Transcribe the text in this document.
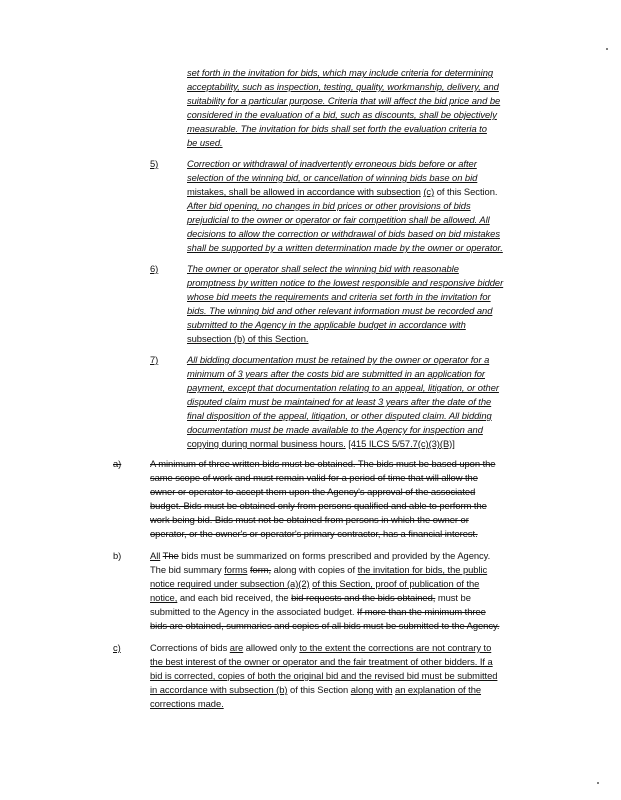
set forth in the invitation for bids, which may include criteria for determining
acceptability, such as inspection, testing, quality, workmanship, delivery, and
suitability for a particular purpose. Criteria that will affect the bid price and be
considered in the evaluation of a bid, such as discounts, shall be objectively
measurable. The invitation for bids shall set forth the evaluation criteria to
be used.
5)	Correction or withdrawal of inadvertently erroneous bids before or after
selection of the winning bid, or cancellation of winning bids base on bid
mistakes, shall be allowed in accordance with subsection (c) of this Section.
After bid opening, no changes in bid prices or other provisions of bids
prejudicial to the owner or operator or fair competition shall be allowed. All
decisions to allow the correction or withdrawal of bids based on bid mistakes
shall be supported by a written determination made by the owner or operator.
6)	The owner or operator shall select the winning bid with reasonable
promptness by written notice to the lowest responsible and responsive bidder
whose bid meets the requirements and criteria set forth in the invitation for
bids. The winning bid and other relevant information must be recorded and
submitted to the Agency in the applicable budget in accordance with
subsection (b) of this Section.
7)	All bidding documentation must be retained by the owner or operator for a
minimum of 3 years after the costs bid are submitted in an application for
payment, except that documentation relating to an appeal, litigation, or other
disputed claim must be maintained for at least 3 years after the date of the
final disposition of the appeal, litigation, or other disputed claim. All bidding
documentation must be made available to the Agency for inspection and
copying during normal business hours. [415 ILCS 5/57.7(c)(3)(B)]
a)	A minimum of three written bids must be obtained. The bids must be based upon the
same scope of work and must remain valid for a period of time that will allow the
owner or operator to accept them upon the Agency's approval of the associated
budget. Bids must be obtained only from persons qualified and able to perform the
work being bid. Bids must not be obtained from persons in which the owner or
operator, or the owner's or operator's primary contractor, has a financial interest.
b)	All The bids must be summarized on forms prescribed and provided by the Agency.
The bid summary forms form, along with copies of the invitation for bids, the public
notice required under subsection (a)(2) of this Section, proof of publication of the
notice, and each bid received, the bid requests and the bids obtained, must be
submitted to the Agency in the associated budget. If more than the minimum three
bids are obtained, summaries and copies of all bids must be submitted to the Agency.
c)	Corrections of bids are allowed only to the extent the corrections are not contrary to
the best interest of the owner or operator and the fair treatment of other bidders. If a
bid is corrected, copies of both the original bid and the revised bid must be submitted
in accordance with subsection (b) of this Section along with an explanation of the
corrections made.
